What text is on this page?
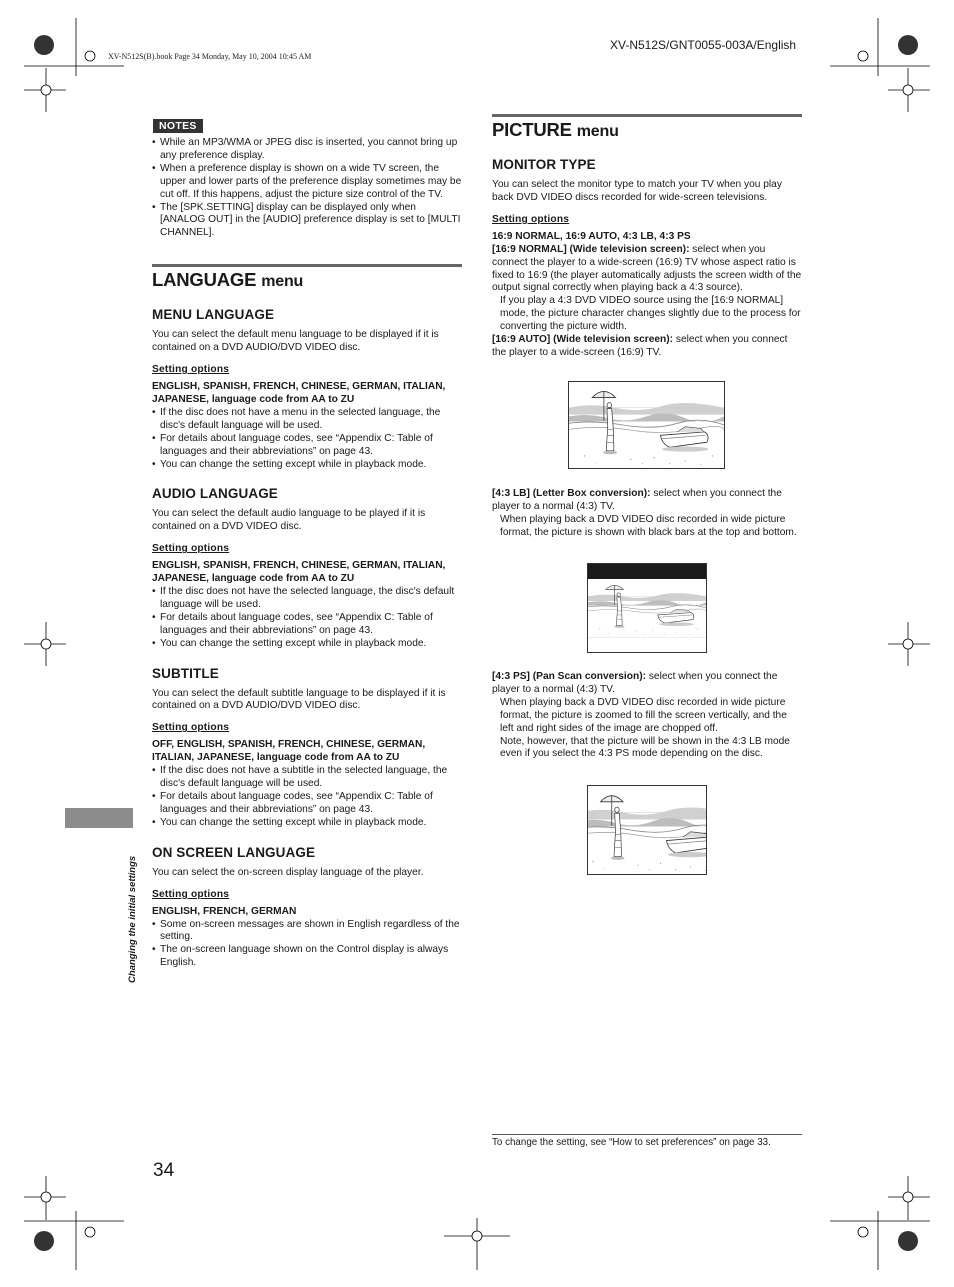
XV-N512S/GNT0055-003A/English
XV-N512S(B).book Page 34 Monday, May 10, 2004 10:45 AM
NOTES
• While an MP3/WMA or JPEG disc is inserted, you cannot bring up any preference display.
• When a preference display is shown on a wide TV screen, the upper and lower parts of the preference display sometimes may be cut off. If this happens, adjust the picture size control of the TV.
• The [SPK.SETTING] display can be displayed only when [ANALOG OUT] in the [AUDIO] preference display is set to [MULTI CHANNEL].
LANGUAGE menu
MENU LANGUAGE
You can select the default menu language to be displayed if it is contained on a DVD AUDIO/DVD VIDEO disc.
Setting options
ENGLISH, SPANISH, FRENCH, CHINESE, GERMAN, ITALIAN, JAPANESE, language code from AA to ZU
• If the disc does not have a menu in the selected language, the disc's default language will be used.
• For details about language codes, see “Appendix C: Table of languages and their abbreviations” on page 43.
• You can change the setting except while in playback mode.
AUDIO LANGUAGE
You can select the default audio language to be played if it is contained on a DVD VIDEO disc.
Setting options
ENGLISH, SPANISH, FRENCH, CHINESE, GERMAN, ITALIAN, JAPANESE, language code from AA to ZU
• If the disc does not have the selected language, the disc's default language will be used.
• For details about language codes, see “Appendix C: Table of languages and their abbreviations” on page 43.
• You can change the setting except while in playback mode.
SUBTITLE
You can select the default subtitle language to be displayed if it is contained on a DVD AUDIO/DVD VIDEO disc.
Setting options
OFF, ENGLISH, SPANISH, FRENCH, CHINESE, GERMAN, ITALIAN, JAPANESE, language code from AA to ZU
• If the disc does not have a subtitle in the selected language, the disc's default language will be used.
• For details about language codes, see “Appendix C: Table of languages and their abbreviations” on page 43.
• You can change the setting except while in playback mode.
ON SCREEN LANGUAGE
You can select the on-screen display language of the player.
Setting options
ENGLISH, FRENCH, GERMAN
• Some on-screen messages are shown in English regardless of the setting.
• The on-screen language shown on the Control display is always English.
PICTURE menu
MONITOR TYPE
You can select the monitor type to match your TV when you play back DVD VIDEO discs recorded for wide-screen televisions.
Setting options
16:9 NORMAL, 16:9 AUTO, 4:3 LB, 4:3 PS
[16:9 NORMAL] (Wide television screen): select when you connect the player to a wide-screen (16:9) TV whose aspect ratio is fixed to 16:9 (the player automatically adjusts the screen width of the output signal correctly when playing back a 4:3 source).
If you play a 4:3 DVD VIDEO source using the [16:9 NORMAL] mode, the picture character changes slightly due to the process for converting the picture width.
[16:9 AUTO] (Wide television screen): select when you connect the player to a wide-screen (16:9) TV.
[4:3 LB] (Letter Box conversion): select when you connect the player to a normal (4:3) TV.
When playing back a DVD VIDEO disc recorded in wide picture format, the picture is shown with black bars at the top and bottom.
[4:3 PS] (Pan Scan conversion): select when you connect the player to a normal (4:3) TV.
When playing back a DVD VIDEO disc recorded in wide picture format, the picture is zoomed to fill the screen vertically, and the left and right sides of the image are chopped off.
Note, however, that the picture will be shown in the 4:3 LB mode even if you select the 4:3 PS mode depending on the disc.
Changing the initial settings
To change the setting, see “How to set preferences” on page 33.
34
